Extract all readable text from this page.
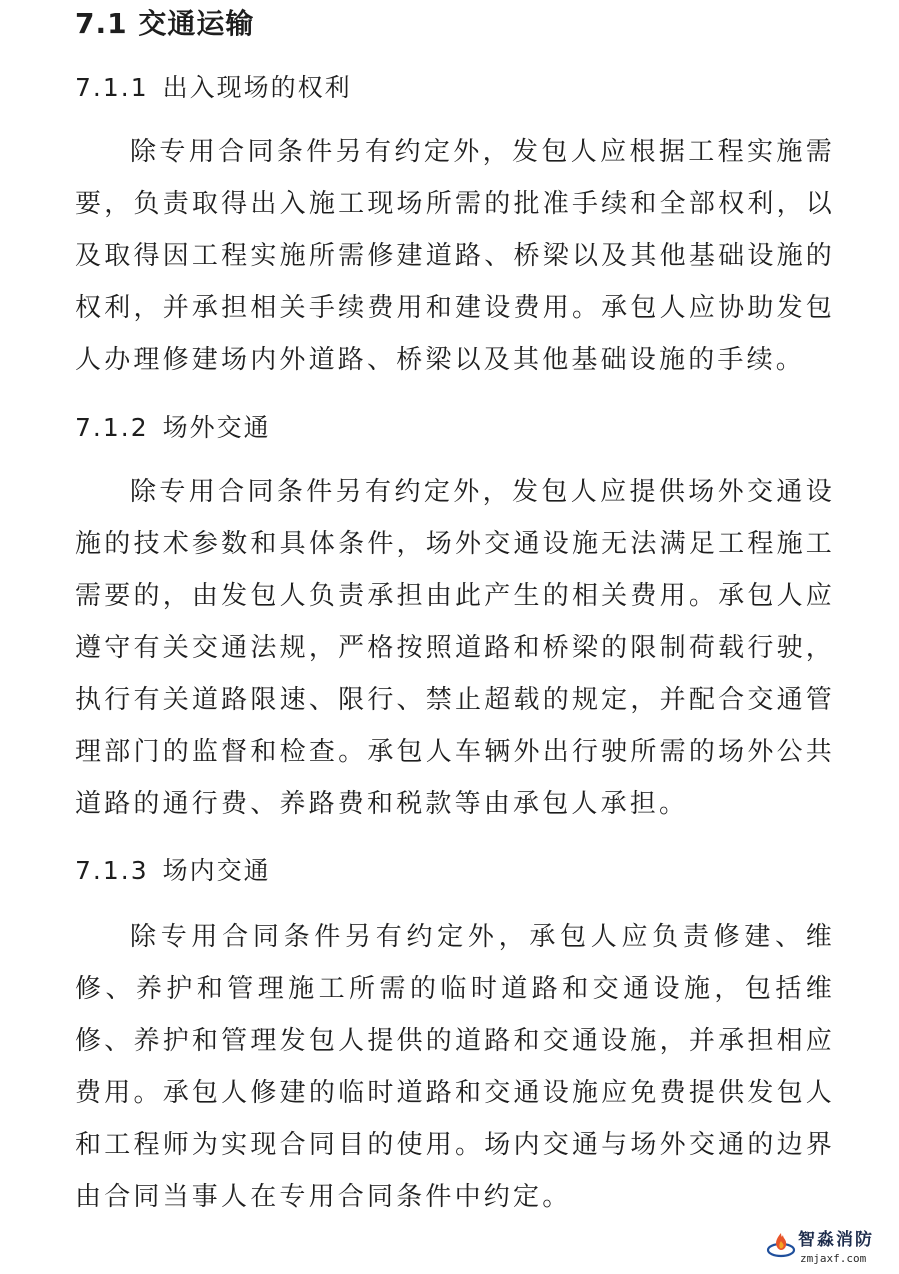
7.1 交通运输
7.1.1 出入现场的权利

除专用合同条件另有约定外，发包人应根据工程实施需要，负责取得出入施工现场所需的批准手续和全部权利，以及取得因工程实施所需修建道路、桥梁以及其他基础设施的权利，并承担相关手续费用和建设费用。承包人应协助发包人办理修建场内外道路、桥梁以及其他基础设施的手续。

7.1.2 场外交通

除专用合同条件另有约定外，发包人应提供场外交通设施的技术参数和具体条件，场外交通设施无法满足工程施工需要的，由发包人负责承担由此产生的相关费用。承包人应遵守有关交通法规，严格按照道路和桥梁的限制荷载行驶，执行有关道路限速、限行、禁止超载的规定，并配合交通管理部门的监督和检查。承包人车辆外出行驶所需的场外公共道路的通行费、养路费和税款等由承包人承担。

7.1.3 场内交通

除专用合同条件另有约定外，承包人应负责修建、维修、养护和管理施工所需的临时道路和交通设施，包括维修、养护和管理发包人提供的道路和交通设施，并承担相应费用。承包人修建的临时道路和交通设施应免费提供发包人和工程师为实现合同目的使用。场内交通与场外交通的边界由合同当事人在专用合同条件中约定。

智淼消防
zmjaxf.com
